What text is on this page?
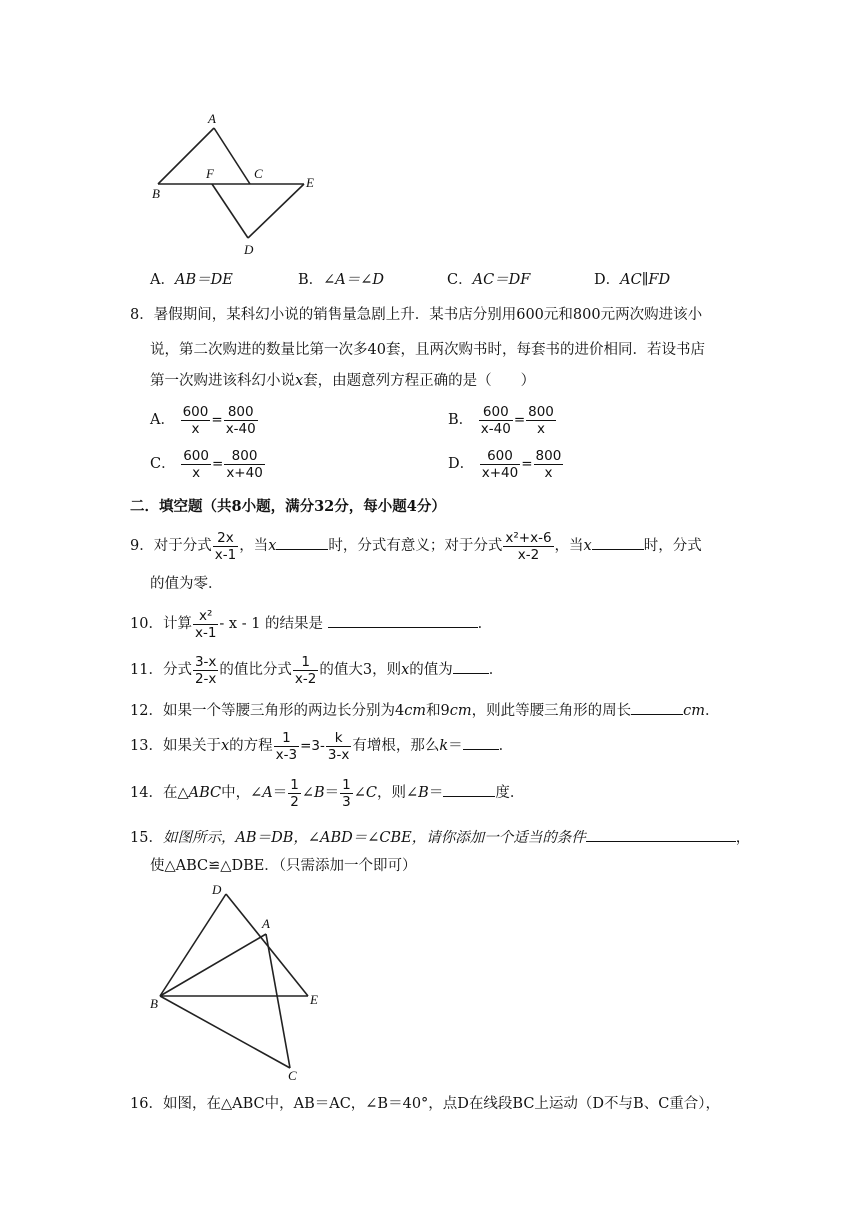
A
B
F	C
E
D
A．AB＝DE	B．∠A＝∠D	C．AC＝DF	D．AC∥FD
8．暑假期间，某科幻小说的销售量急剧上升．某书店分别用600元和800元两次购进该小
说，第二次购进的数量比第一次多40套，且两次购书时，每套书的进价相同．若设书店
第一次购进该科幻小说x套，由题意列方程正确的是（　　）
A． $\frac{600}{x} = \frac{800}{x-40}$	B． $\frac{600}{x-40} = \frac{800}{x}$
C． $\frac{600}{x} = \frac{800}{x+40}$	D． $\frac{600}{x+40} = \frac{800}{x}$
二．填空题（共8小题，满分32分，每小题4分）
9．对于分式 $\frac{2x}{x-1}$ ，当x	时，分式有意义；对于分式 $\frac{\text{x²+x-6}}{x-2}$ ，当x	时，分式
的值为零．
10．计算 $\frac{\text{x²}}{x-1}$ - x - 1 的结果是	．
11．分式 $\frac{3-x}{2-x}$ 的值比分式 $\frac{1}{x-2}$ 的值大3，则x的值为 ．
12．如果一个等腰三角形的两边长分别为4cm和9cm，则此等腰三角形的周长	cm．
13．如果关于x的方程 $\frac{1}{x-3} =3- \frac{k}{3-x}$ 有增根，那么k＝ ．
14．在△ABC中，∠A＝ $\frac{1}{2}$ ∠B＝ $\frac{1}{3}$ ∠C，则∠B＝	度．
15．如图所示，AB＝DB，∠ABD＝∠CBE，请你添加一个适当的条件	，
使△ABC≌△DBE．（只需添加一个即可）
D
A
B	E
C
16．如图，在△ABC中，AB＝AC，∠B＝40°，点D在线段BC上运动（D不与B、C重合），
